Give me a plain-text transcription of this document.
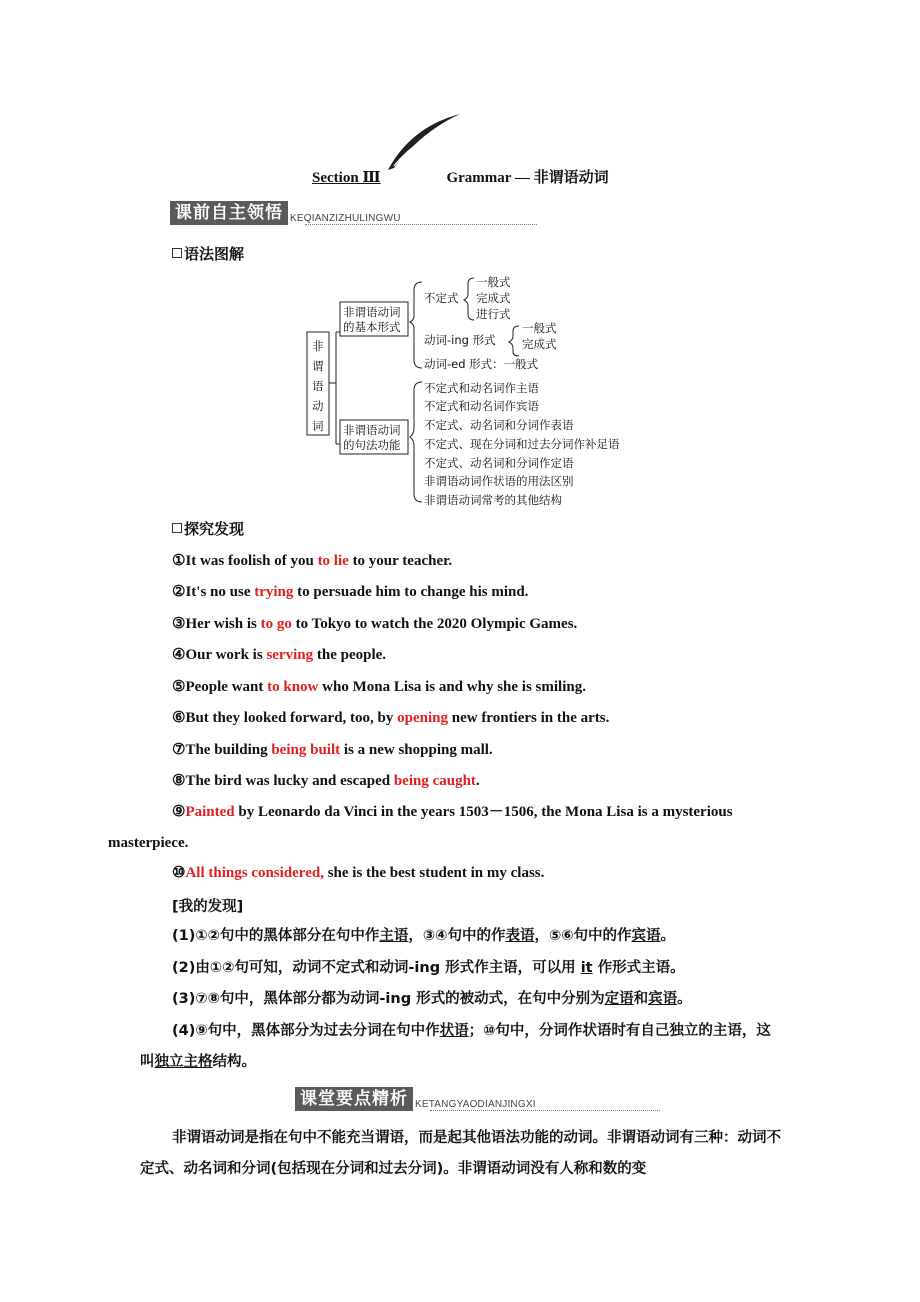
Section Ⅲ	Grammar — 非谓语动词
课前自主领悟 KEQIANZIZHULINGWU
语法图解
非
谓
语
动
词
非谓语动词
的基本形式
非谓语动词
的句法功能
不定式
一般式
完成式
进行式
动词-ing 形式
一般式
完成式
动词-ed 形式：一般式
不定式和动名词作主语
不定式和动名词作宾语
不定式、动名词和分词作表语
不定式、现在分词和过去分词作补足语
不定式、动名词和分词作定语
非谓语动词作状语的用法区别
非谓语动词常考的其他结构
探究发现
①It was foolish of you to lie to your teacher.
②It's no use trying to persuade him to change his mind.
③Her wish is to go to Tokyo to watch the 2020 Olympic Games.
④Our work is serving the people.
⑤People want to know who Mona Lisa is and why she is smiling.
⑥But they looked forward, too, by opening new frontiers in the arts.
⑦The building being built is a new shopping mall.
⑧The bird was lucky and escaped being caught.
⑨Painted by Leonardo da Vinci in the years 1503－1506, the Mona Lisa is a mysterious
masterpiece.
⑩All things considered, she is the best student in my class.
[我的发现]
(1)①②句中的黑体部分在句中作主语，③④句中的作表语，⑤⑥句中的作宾语。
(2)由①②句可知，动词不定式和动词-ing 形式作主语，可以用 it 作形式主语。
(3)⑦⑧句中，黑体部分都为动词-ing 形式的被动式，在句中分别为定语和宾语。
(4)⑨句中，黑体部分为过去分词在句中作状语；⑩句中，分词作状语时有自己独立的主语，这叫独立主格结构。
课堂要点精析 KETANGYAODIANJINGXI
非谓语动词是指在句中不能充当谓语，而是起其他语法功能的动词。非谓语动词有三种：动词不定式、动名词和分词(包括现在分词和过去分词)。非谓语动词没有人称和数的变
